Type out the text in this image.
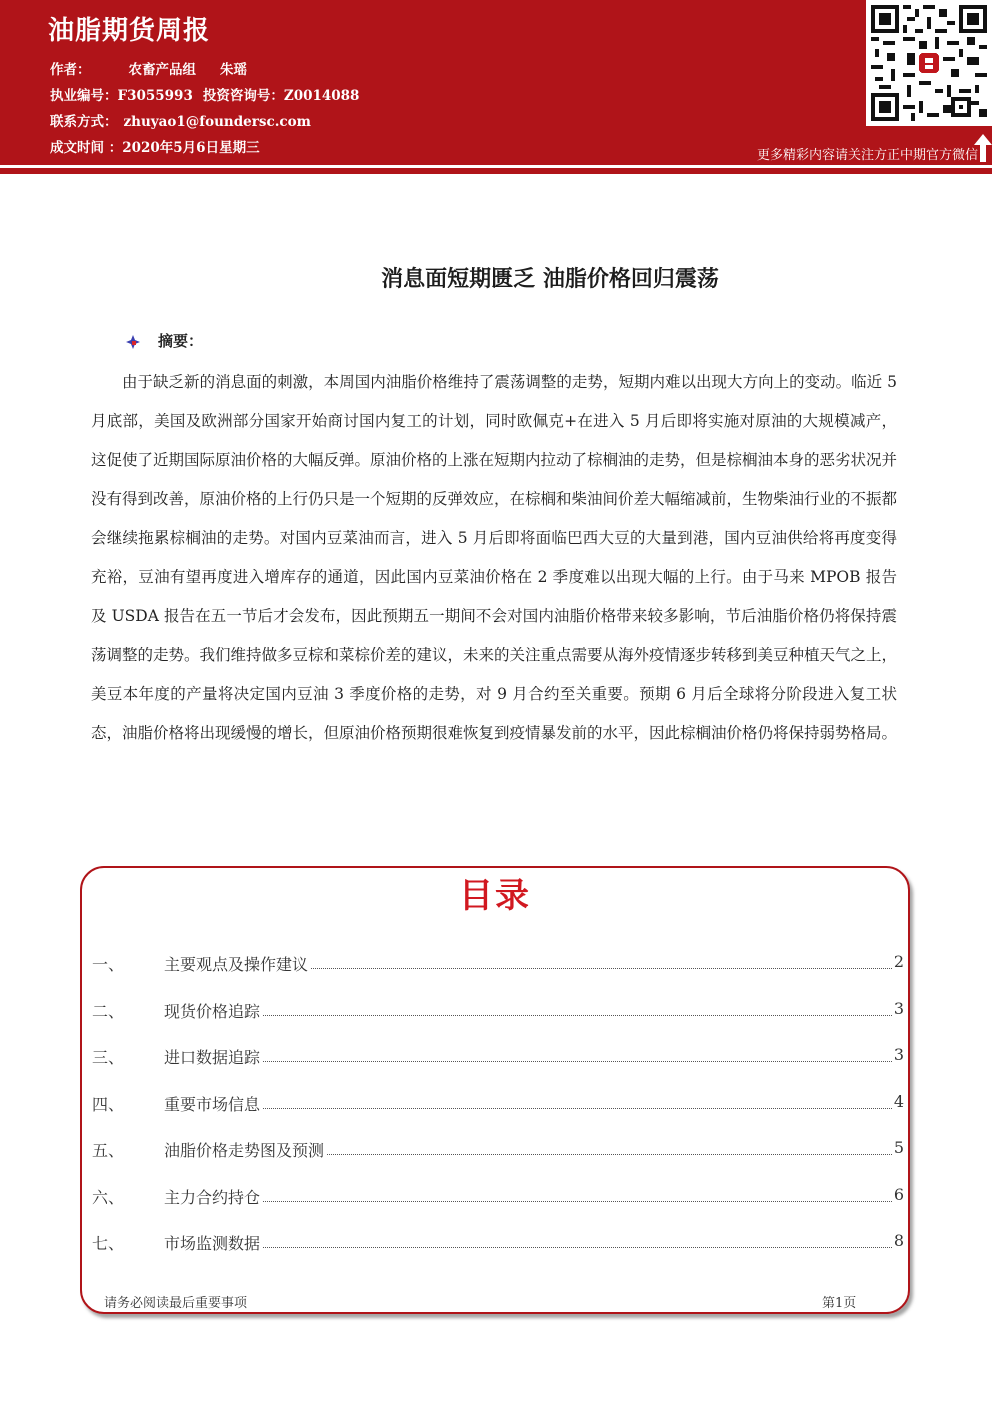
油脂期货周报
作者：	农畜产品组 朱瑶
执业编号：F3055993 投资咨询号：Z0014088
联系方式： zhuyao1@foundersc.com
成文时间 ：2020年5月6日星期三	更多精彩内容请关注方正中期官方微信
消息面短期匮乏 油脂价格回归震荡
摘要：

由于缺乏新的消息面的刺激，本周国内油脂价格维持了震荡调整的走势，短期内难以出现大方向上的变动。临近 5 月底部，美国及欧洲部分国家开始商讨国内复工的计划，同时欧佩克+在进入 5 月后即将实施对原油的大规模减产，这促使了近期国际原油价格的大幅反弹。原油价格的上涨在短期内拉动了棕榈油的走势，但是棕榈油本身的恶劣状况并没有得到改善，原油价格的上行仍只是一个短期的反弹效应，在棕榈和柴油间价差大幅缩减前，生物柴油行业的不振都会继续拖累棕榈油的走势。对国内豆菜油而言，进入 5 月后即将面临巴西大豆的大量到港，国内豆油供给将再度变得充裕，豆油有望再度进入增库存的通道，因此国内豆菜油价格在 2 季度难以出现大幅的上行。由于马来 MPOB 报告及 USDA 报告在五一节后才会发布，因此预期五一期间不会对国内油脂价格带来较多影响，节后油脂价格仍将保持震荡调整的走势。我们维持做多豆棕和菜棕价差的建议，未来的关注重点需要从海外疫情逐步转移到美豆种植天气之上，美豆本年度的产量将决定国内豆油 3 季度价格的走势，对 9 月合约至关重要。预期 6 月后全球将分阶段进入复工状态，油脂价格将出现缓慢的增长，但原油价格预期很难恢复到疫情暴发前的水平，因此棕榈油价格仍将保持弱势格局。

目录
一、 主要观点及操作建议	2
二、 现货价格追踪	3
三、 进口数据追踪	3
四、 重要市场信息	4
五、 油脂价格走势图及预测	5
六、 主力合约持仓	6
七、 市场监测数据	8
请务必阅读最后重要事项	第1页
